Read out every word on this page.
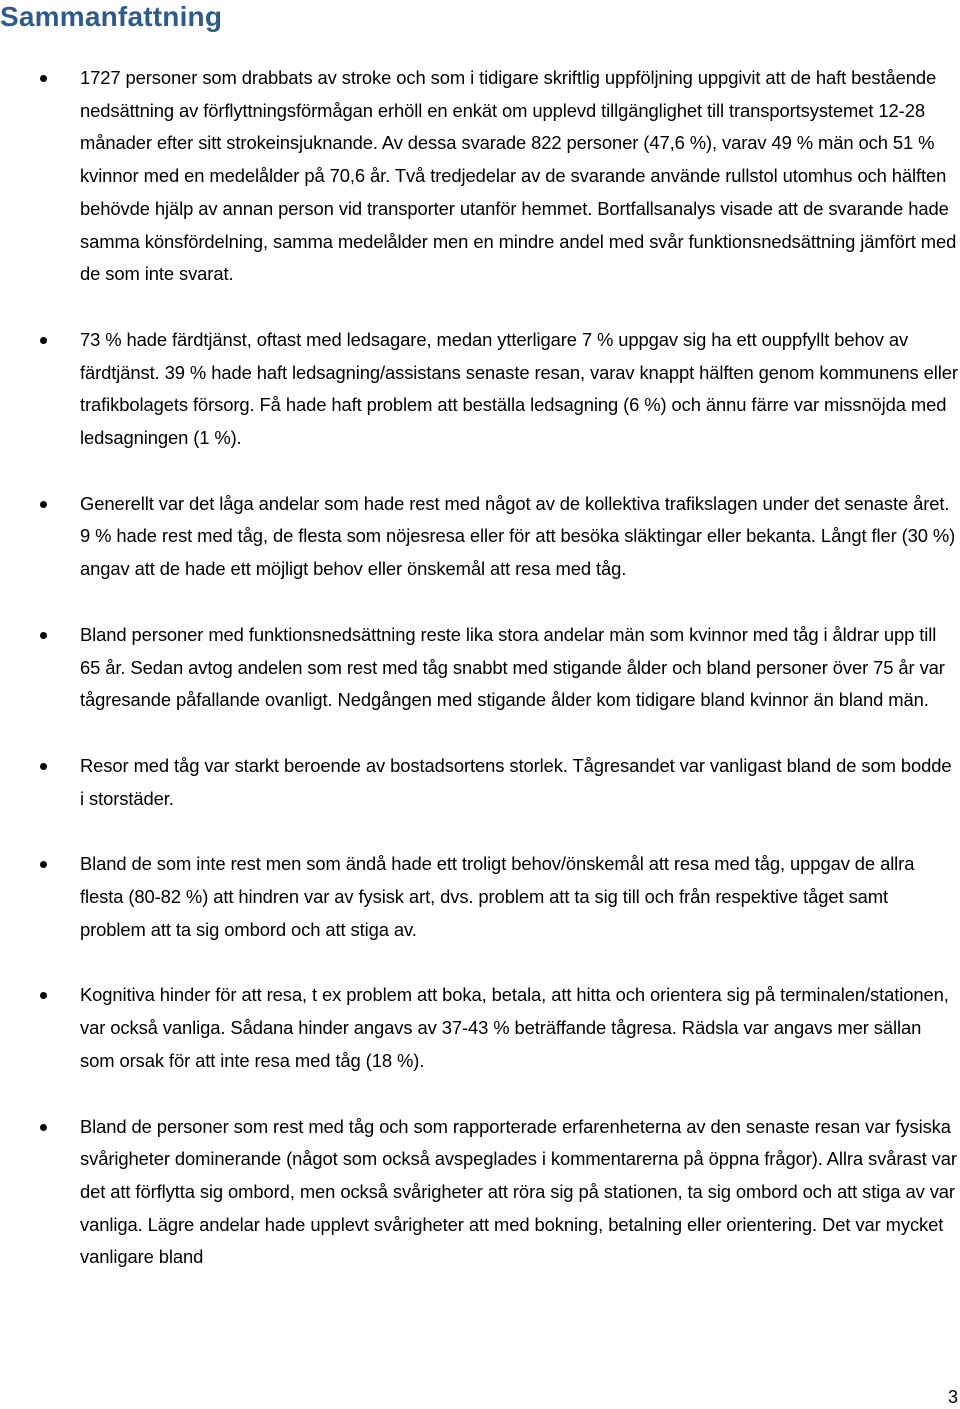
Sammanfattning
1727 personer som drabbats av stroke och som i tidigare skriftlig uppföljning uppgivit att de haft bestående nedsättning av förflyttningsförmågan erhöll en enkät om upplevd tillgänglighet till transportsystemet 12-28 månader efter sitt strokeinsjuknande. Av dessa svarade 822 personer (47,6 %), varav 49 % män och 51 % kvinnor med en medelålder på 70,6 år. Två tredjedelar av de svarande använde rullstol utomhus och hälften behövde hjälp av annan person vid transporter utanför hemmet. Bortfallsanalys visade att de svarande hade samma könsfördelning, samma medelålder men en mindre andel med svår funktionsnedsättning jämfört med de som inte svarat.
73 % hade färdtjänst, oftast med ledsagare, medan ytterligare 7 % uppgav sig ha ett ouppfyllt behov av färdtjänst. 39 % hade haft ledsagning/assistans senaste resan, varav knappt hälften genom kommunens eller trafikbolagets försorg. Få hade haft problem att beställa ledsagning (6 %) och ännu färre var missnöjda med ledsagningen (1 %).
Generellt var det låga andelar som hade rest med något av de kollektiva trafikslagen under det senaste året. 9 % hade rest med tåg, de flesta som nöjesresa eller för att besöka släktingar eller bekanta. Långt fler (30 %) angav att de hade ett möjligt behov eller önskemål att resa med tåg.
Bland personer med funktionsnedsättning reste lika stora andelar män som kvinnor med tåg i åldrar upp till 65 år. Sedan avtog andelen som rest med tåg snabbt med stigande ålder och bland personer över 75 år var tågresande påfallande ovanligt. Nedgången med stigande ålder kom tidigare bland kvinnor än bland män.
Resor med tåg var starkt beroende av bostadsortens storlek. Tågresandet var vanligast bland de som bodde i storstäder.
Bland de som inte rest men som ändå hade ett troligt behov/önskemål att resa med tåg, uppgav de allra flesta (80-82 %) att hindren var av fysisk art, dvs. problem att ta sig till och från respektive tåget samt problem att ta sig ombord och att stiga av.
Kognitiva hinder för att resa, t ex problem att boka, betala, att hitta och orientera sig på terminalen/stationen, var också vanliga. Sådana hinder angavs av 37-43 % beträffande tågresa. Rädsla var angavs mer sällan som orsak för att inte resa med tåg (18 %).
Bland de personer som rest med tåg och som rapporterade erfarenheterna av den senaste resan var fysiska svårigheter dominerande (något som också avspeglades i kommentarerna på öppna frågor). Allra svårast var det att förflytta sig ombord, men också svårigheter att röra sig på stationen, ta sig ombord och att stiga av var vanliga. Lägre andelar hade upplevt svårigheter att med bokning, betalning eller orientering. Det var mycket vanligare bland
3
